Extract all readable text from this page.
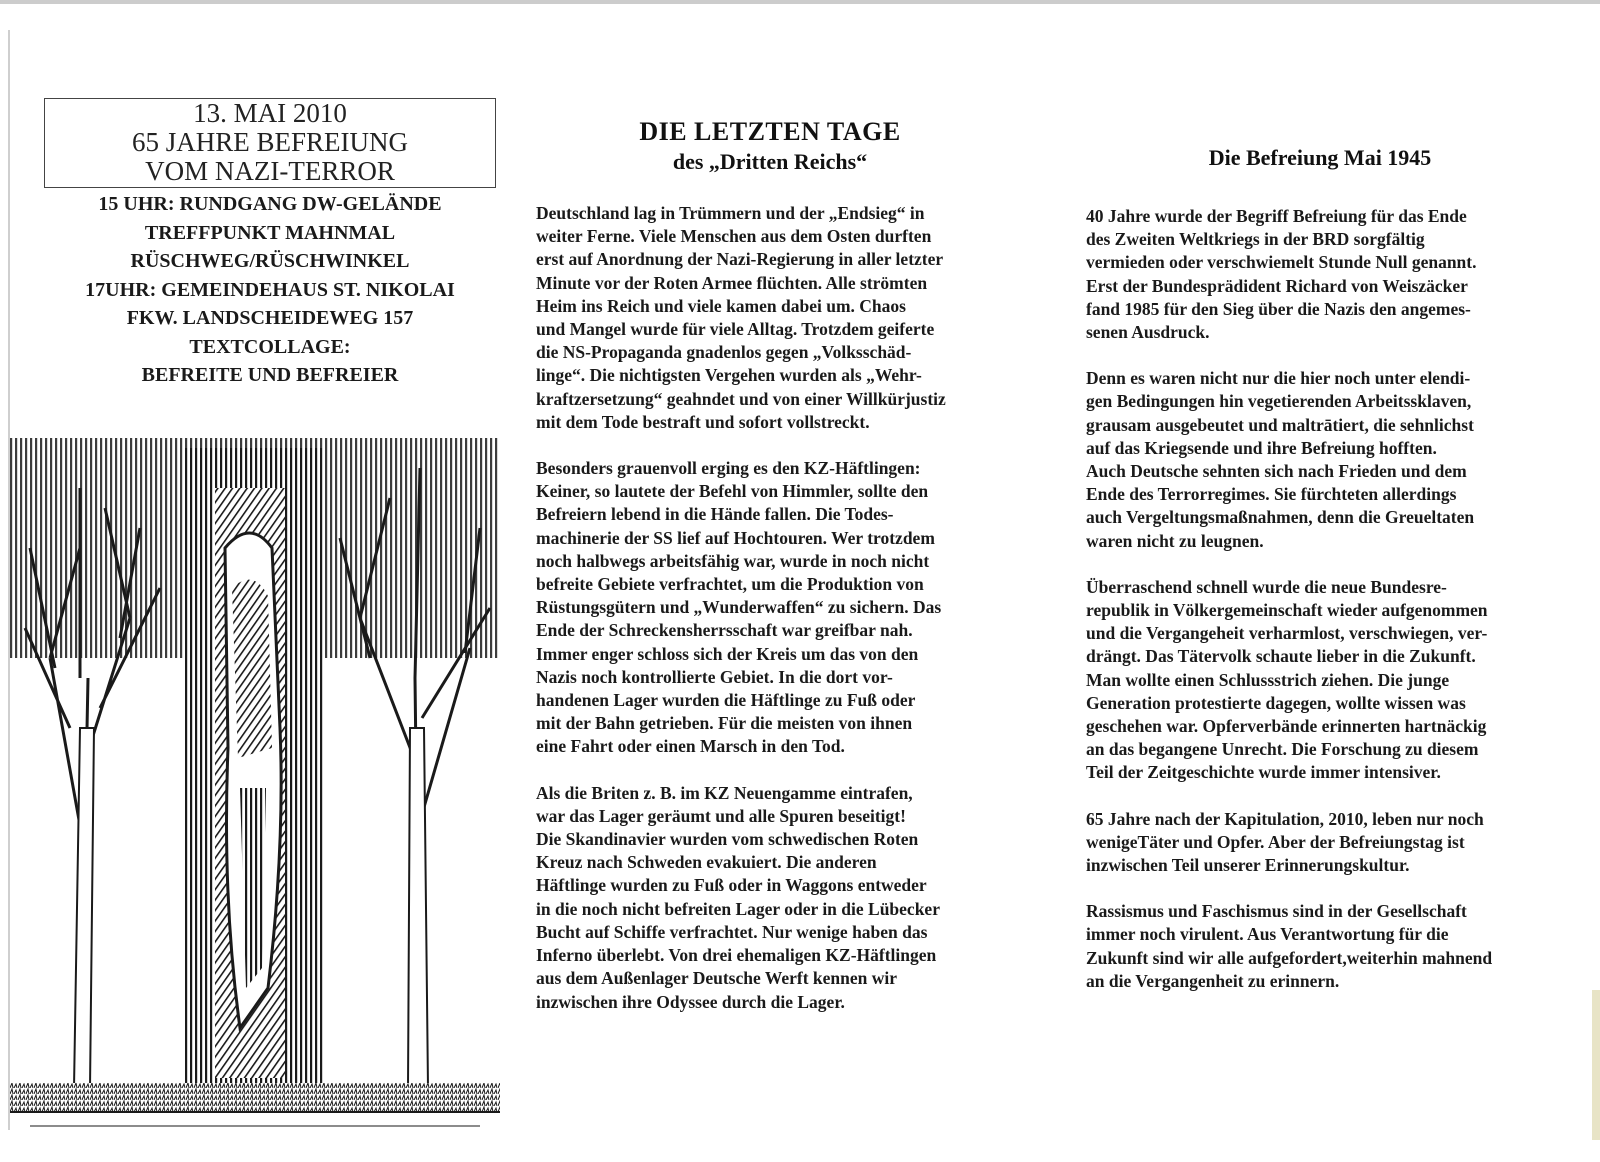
13. MAI 2010
65 JAHRE BEFREIUNG
VOM NAZI-TERROR
15 UHR: RUNDGANG DW-GELÄNDE
TREFFPUNKT MAHNMAL
RÜSCHWEG/RÜSCHWINKEL
17UHR: GEMEINDEHAUS ST. NIKOLAI
FKW. LANDSCHEIDEWEG 157
TEXTCOLLAGE:
BEFREITE UND BEFREIER
DIE LETZTEN TAGE
des „Dritten Reichs“

Deutschland lag in Trümmern und der „Endsieg“ in
weiter Ferne. Viele Menschen aus dem Osten durften
erst auf Anordnung der Nazi-Regierung in aller letzter
Minute vor der Roten Armee flüchten. Alle strömten
Heim ins Reich und viele kamen dabei um. Chaos
und Mangel wurde für viele Alltag. Trotzdem geiferte
die NS-Propaganda gnadenlos gegen „Volksschäd-
linge“. Die nichtigsten Vergehen wurden als „Wehr-
kraftzersetzung“ geahndet und von einer Willkürjustiz
mit dem Tode bestraft und sofort vollstreckt.

Besonders grauenvoll erging es den KZ-Häftlingen:
Keiner, so lautete der Befehl von Himmler, sollte den
Befreiern lebend in die Hände fallen. Die Todes-
machinerie der SS lief auf Hochtouren. Wer trotzdem
noch halbwegs arbeitsfähig war, wurde in noch nicht
befreite Gebiete verfrachtet, um die Produktion von
Rüstungsgütern und „Wunderwaffen“ zu sichern. Das
Ende der Schreckensherrsschaft war greifbar nah.
Immer enger schloss sich der Kreis um das von den
Nazis noch kontrollierte Gebiet. In die dort vor-
handenen Lager wurden die Häftlinge zu Fuß oder
mit der Bahn getrieben. Für die meisten von ihnen
eine Fahrt oder einen Marsch in den Tod.

Als die Briten z. B. im KZ Neuengamme eintrafen,
war das Lager geräumt und alle Spuren beseitigt!
Die Skandinavier wurden vom schwedischen Roten
Kreuz nach Schweden evakuiert. Die anderen
Häftlinge wurden zu Fuß oder in Waggons entweder
in die noch nicht befreiten Lager oder in die Lübecker
Bucht auf Schiffe verfrachtet. Nur wenige haben das
Inferno überlebt. Von drei ehemaligen KZ-Häftlingen
aus dem Außenlager Deutsche Werft kennen wir
inzwischen ihre Odyssee durch die Lager.

Die Befreiung Mai 1945

40 Jahre wurde der Begriff Befreiung für das Ende
des Zweiten Weltkriegs in der BRD sorgfältig
vermieden oder verschwiemelt Stunde Null genannt.
Erst der Bundesprädident Richard von Weiszäcker
fand 1985 für den Sieg über die Nazis den angemes-
senen Ausdruck.

Denn es waren nicht nur die hier noch unter elendi-
gen Bedingungen hin vegetierenden Arbeitssklaven,
grausam ausgebeutet und maltrātiert, die sehnlichst
auf das Kriegsende und ihre Befreiung hofften.
Auch Deutsche sehnten sich nach Frieden und dem
Ende des Terrorregimes. Sie fürchteten allerdings
auch Vergeltungsmaßnahmen, denn die Greueltaten
waren nicht zu leugnen.

Überraschend schnell wurde die neue Bundesre-
republik in Völkergemeinschaft wieder aufgenommen
und die Vergangeheit verharmlost, verschwiegen, ver-
drängt. Das Tätervolk schaute lieber in die Zukunft.
Man wollte einen Schlussstrich ziehen. Die junge
Generation protestierte dagegen, wollte wissen was
geschehen war. Opferverbände erinnerten hartnäckig
an das begangene Unrecht. Die Forschung zu diesem
Teil der Zeitgeschichte wurde immer intensiver.

65 Jahre nach der Kapitulation, 2010, leben nur noch
wenigeTäter und Opfer. Aber der Befreiungstag ist
inzwischen Teil unserer Erinnerungskultur.

Rassismus und Faschismus sind in der Gesellschaft
immer noch virulent. Aus Verantwortung für die
Zukunft sind wir alle aufgefordert,weiterhin mahnend
an die Vergangenheit zu erinnern.
